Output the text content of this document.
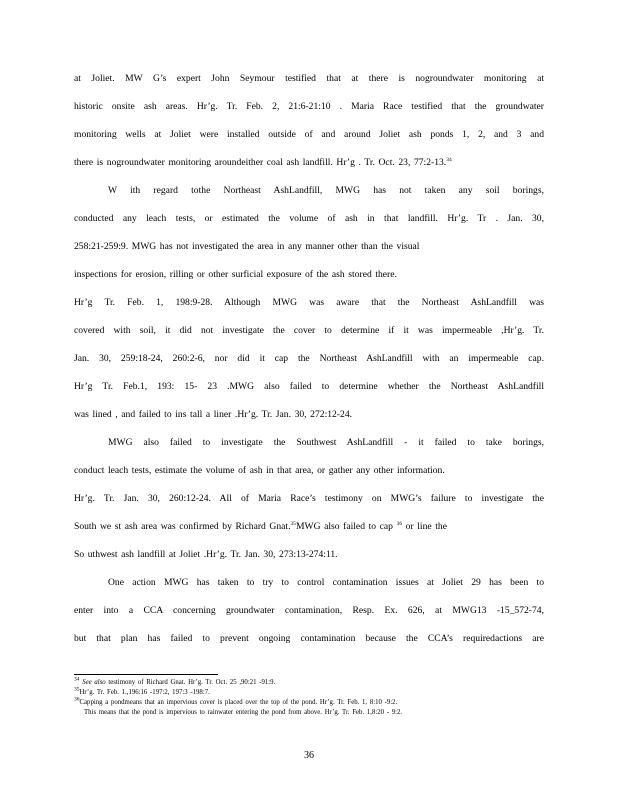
at Joliet. MW G’s expert John Seymour testified that at there is nogroundwater monitoring at
historic onsite ash areas. Hr’g. Tr. Feb. 2, 21:6-21:10 . Maria Race testified that the groundwater
monitoring wells at Joliet were installed outside of and around Joliet ash ponds 1, 2, and 3 and
there is nogroundwater monitoring aroundeither coal ash landfill. Hr’g . Tr. Oct. 23, 77:2-13.34
W ith regard tothe Northeast AshLandfill, MWG has not taken any soil borings,
conducted any leach tests, or estimated the volume of ash in that landfill. Hr’g. Tr . Jan. 30,
258:21-259:9. MWG has not investigated the area in any manner other than the visual
inspections for erosion, rilling or other surficial exposure of the ash stored there.
Hr’g Tr. Feb. 1, 198:9-28. Although MWG was aware that the Northeast AshLandfill was
covered with soil, it did not investigate the cover to determine if it was impermeable ,Hr’g. Tr.
Jan. 30, 259:18-24, 260:2-6, nor did it cap the Northeast AshLandfill with an impermeable cap.
Hr’g Tr. Feb.1, 193: 15- 23 .MWG also failed to determine whether the Northeast AshLandfill
was lined , and failed to ins tall a liner .Hr’g. Tr. Jan. 30, 272:12-24.
MWG also failed to investigate the Southwest AshLandfill - it failed to take borings,
conduct leach tests, estimate the volume of ash in that area, or gather any other information.
Hr’g. Tr. Jan. 30, 260:12-24. All of Maria Race’s testimony on MWG’s failure to investigate the
South we st ash area was confirmed by Richard Gnat.$^{35}$MWG also failed to cap $^{36}$ or line the
So uthwest ash landfill at Joliet .Hr’g. Tr. Jan. 30, 273:13-274:11.
One action MWG has taken to try to control contamination issues at Joliet 29 has been to
enter into a CCA concerning groundwater contamination, Resp. Ex. 626, at MWG13 -15_572-74,
but that plan has failed to prevent ongoing contamination because the CCA’s requiredactions are
$^{34}$ See also testimony of Richard Gnat. Hr’g. Tr. Oct. 25 ,90:21 -91:9.
$^{35}$Hr’g. Tr. Feb. 1.,196:16 -197:2, 197:3 -198:7.
$^{36}$Capping a pondmeans that an impervious cover is placed over the top of the pond. Hr’g. Tr. Feb. 1, 8:10 -9:2.
This means that the pond is impervious to rainwater entering the pond from above. Hr’g. Tr. Feb. 1,8:20 - 9:2.
36
